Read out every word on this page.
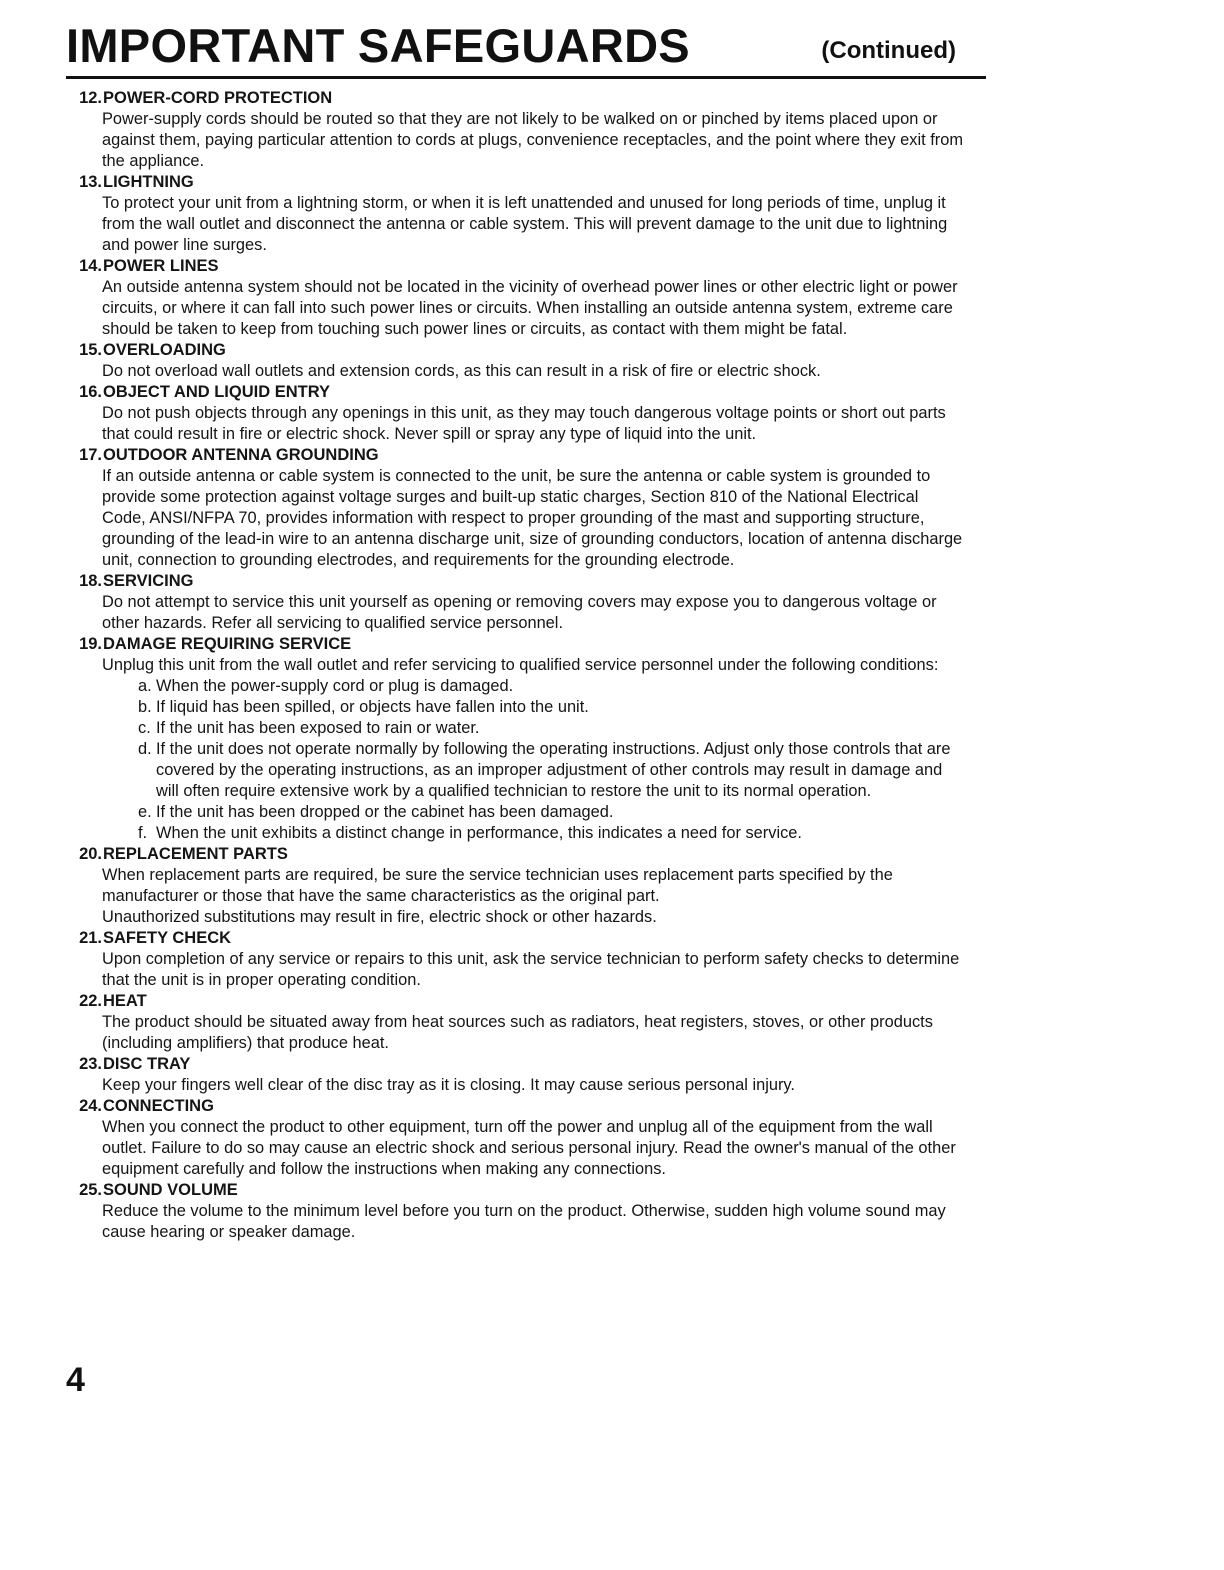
IMPORTANT SAFEGUARDS	(Continued)
12. POWER-CORD PROTECTION

Power-supply cords should be routed so that they are not likely to be walked on or pinched by items placed upon or against them, paying particular attention to cords at plugs, convenience receptacles, and the point where they exit from the appliance.

13. LIGHTNING

To protect your unit from a lightning storm, or when it is left unattended and unused for long periods of time, unplug it from the wall outlet and disconnect the antenna or cable system. This will prevent damage to the unit due to lightning and power line surges.

14. POWER LINES

An outside antenna system should not be located in the vicinity of overhead power lines or other electric light or power circuits, or where it can fall into such power lines or circuits. When installing an outside antenna system, extreme care should be taken to keep from touching such power lines or circuits, as contact with them might be fatal.

15. OVERLOADING

Do not overload wall outlets and extension cords, as this can result in a risk of fire or electric shock.

16. OBJECT AND LIQUID ENTRY

Do not push objects through any openings in this unit, as they may touch dangerous voltage points or short out parts that could result in fire or electric shock. Never spill or spray any type of liquid into the unit.

17. OUTDOOR ANTENNA GROUNDING

If an outside antenna or cable system is connected to the unit, be sure the antenna or cable system is grounded to provide some protection against voltage surges and built-up static charges, Section 810 of the National Electrical Code, ANSI/NFPA 70, provides information with respect to proper grounding of the mast and supporting structure, grounding of the lead-in wire to an antenna discharge unit, size of grounding conductors, location of antenna discharge unit, connection to grounding electrodes, and requirements for the grounding electrode.

18. SERVICING

Do not attempt to service this unit yourself as opening or removing covers may expose you to dangerous voltage or other hazards. Refer all servicing to qualified service personnel.

19. DAMAGE REQUIRING SERVICE

Unplug this unit from the wall outlet and refer servicing to qualified service personnel under the following conditions:

a. When the power-supply cord or plug is damaged.
b. If liquid has been spilled, or objects have fallen into the unit.
c. If the unit has been exposed to rain or water.
d. If the unit does not operate normally by following the operating instructions. Adjust only those controls that are covered by the operating instructions, as an improper adjustment of other controls may result in damage and will often require extensive work by a qualified technician to restore the unit to its normal operation.
e. If the unit has been dropped or the cabinet has been damaged.
f. When the unit exhibits a distinct change in performance, this indicates a need for service.
20. REPLACEMENT PARTS

When replacement parts are required, be sure the service technician uses replacement parts specified by the manufacturer or those that have the same characteristics as the original part.

Unauthorized substitutions may result in fire, electric shock or other hazards.

21. SAFETY CHECK

Upon completion of any service or repairs to this unit, ask the service technician to perform safety checks to determine that the unit is in proper operating condition.

22. HEAT

The product should be situated away from heat sources such as radiators, heat registers, stoves, or other products (including amplifiers) that produce heat.

23. DISC TRAY

Keep your fingers well clear of the disc tray as it is closing. It may cause serious personal injury.

24. CONNECTING

When you connect the product to other equipment, turn off the power and unplug all of the equipment from the wall outlet. Failure to do so may cause an electric shock and serious personal injury. Read the owner's manual of the other equipment carefully and follow the instructions when making any connections.

25. SOUND VOLUME

Reduce the volume to the minimum level before you turn on the product. Otherwise, sudden high volume sound may cause hearing or speaker damage.

4
